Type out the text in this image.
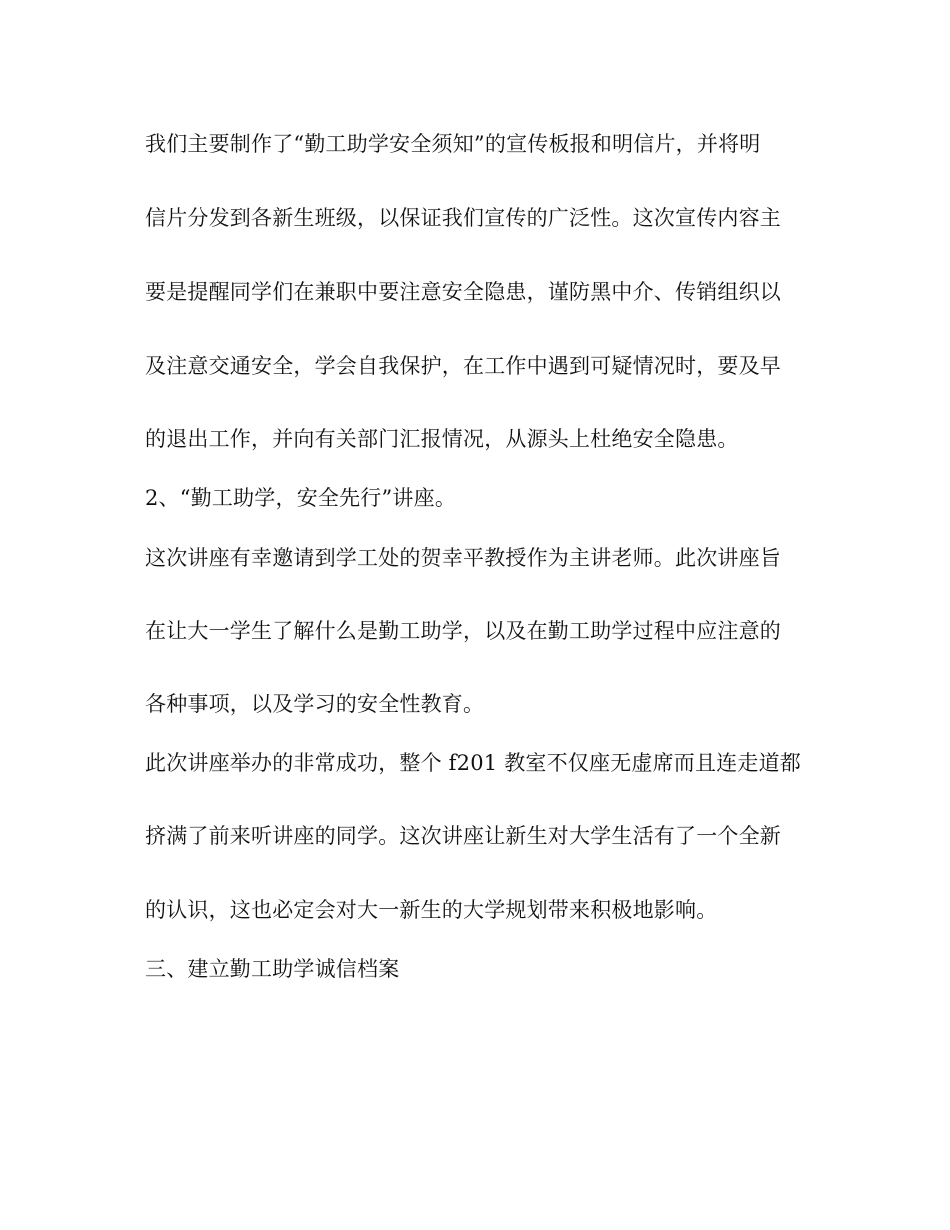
我们主要制作了“勤工助学安全须知”的宣传板报和明信片，并将明
信片分发到各新生班级，以保证我们宣传的广泛性。这次宣传内容主
要是提醒同学们在兼职中要注意安全隐患，谨防黑中介、传销组织以
及注意交通安全，学会自我保护，在工作中遇到可疑情况时，要及早
的退出工作，并向有关部门汇报情况，从源头上杜绝安全隐患。
2、“勤工助学，安全先行”讲座。
这次讲座有幸邀请到学工处的贺幸平教授作为主讲老师。此次讲座旨
在让大一学生了解什么是勤工助学，以及在勤工助学过程中应注意的
各种事项，以及学习的安全性教育。
此次讲座举办的非常成功，整个 f201 教室不仅座无虚席而且连走道都
挤满了前来听讲座的同学。这次讲座让新生对大学生活有了一个全新
的认识，这也必定会对大一新生的大学规划带来积极地影响。
三、建立勤工助学诚信档案
